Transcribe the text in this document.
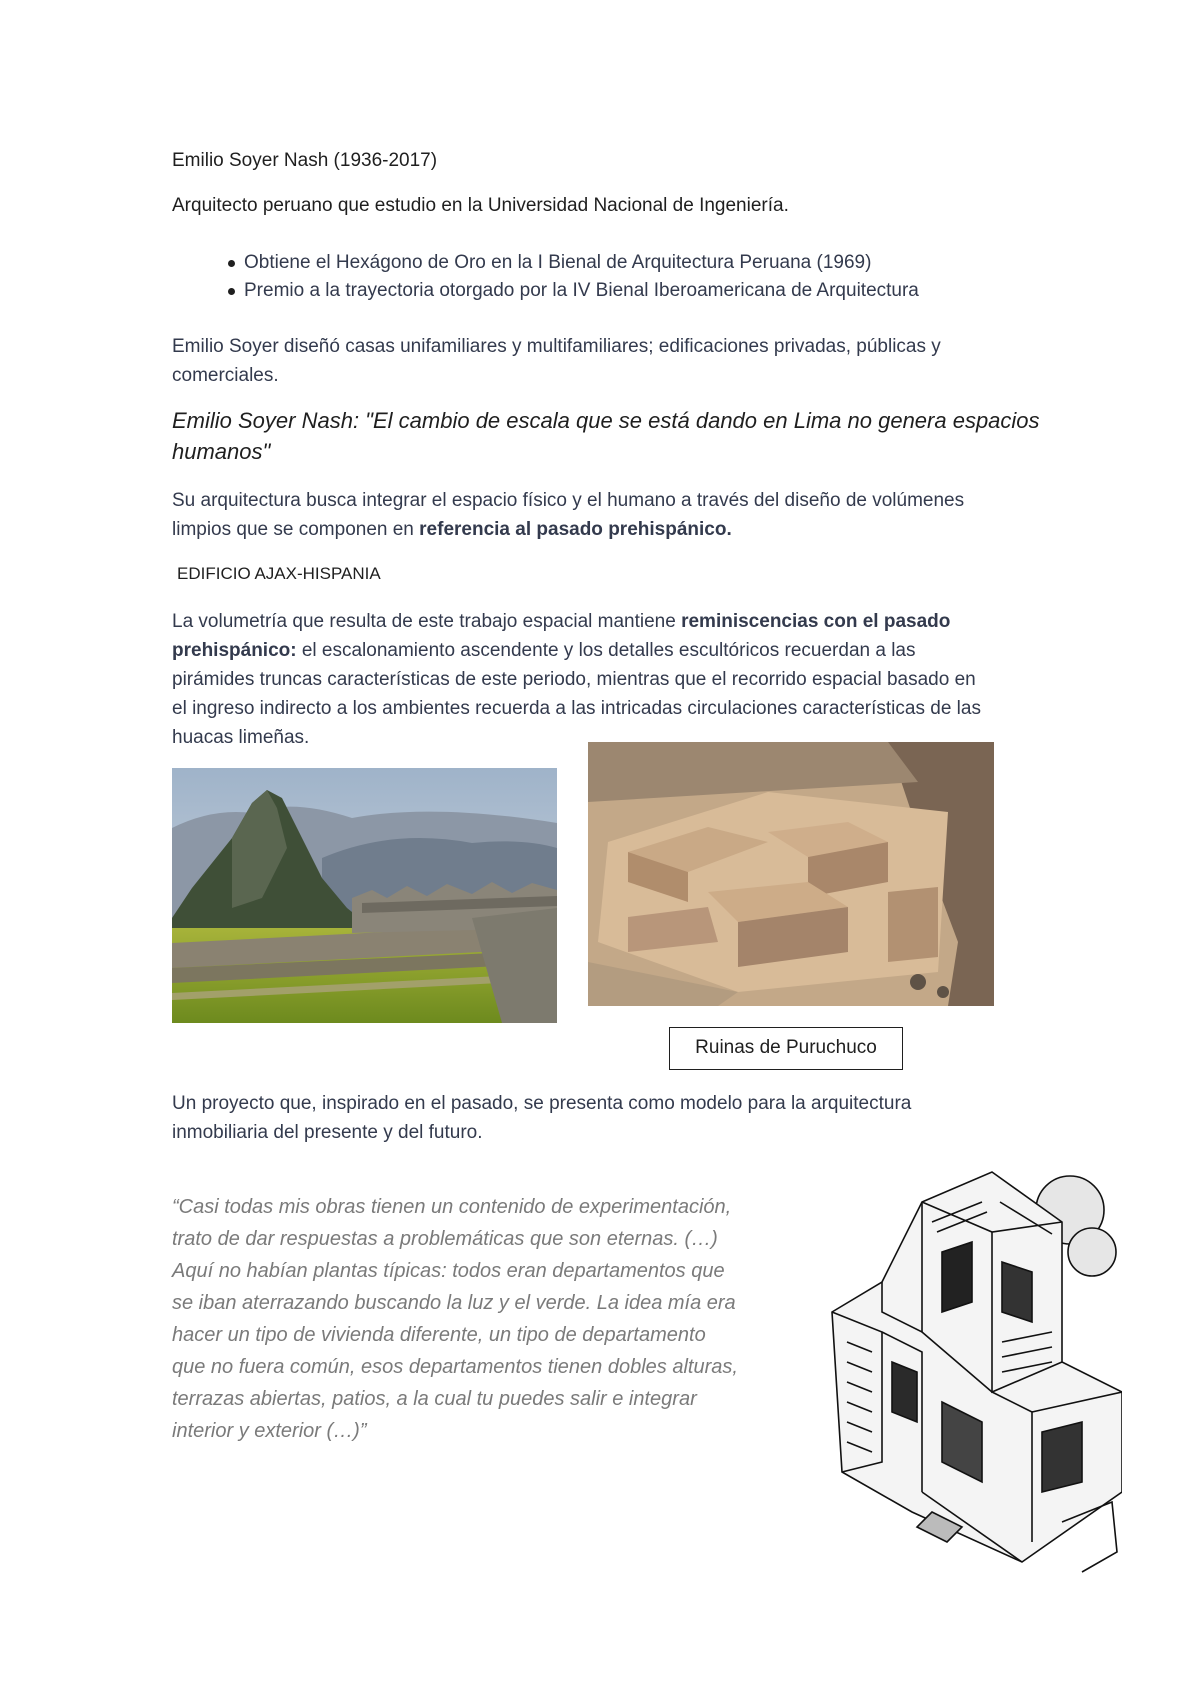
Emilio Soyer Nash (1936-2017)

Arquitecto peruano que estudio en la Universidad Nacional de Ingeniería.

Obtiene el Hexágono de Oro en la I Bienal de Arquitectura Peruana (1969)
Premio a la trayectoria otorgado por la IV Bienal Iberoamericana de Arquitectura

Emilio Soyer diseñó casas unifamiliares y multifamiliares; edificaciones privadas, públicas y

comerciales.

Emilio Soyer Nash: "El cambio de escala que se está dando en Lima no genera espacios

humanos"

Su arquitectura busca integrar el espacio físico y el humano a través del diseño de volúmenes

limpios que se componen en referencia al pasado prehispánico.

EDIFICIO AJAX-HISPANIA

La volumetría que resulta de este trabajo espacial mantiene reminiscencias con el pasado

prehispánico: el escalonamiento ascendente y los detalles escultóricos recuerdan a las

pirámides truncas características de este periodo, mientras que el recorrido espacial basado en

el ingreso indirecto a los ambientes recuerda a las intricadas circulaciones características de las

huacas limeñas.

Ruinas de Puruchuco

Un proyecto que, inspirado en el pasado, se presenta como modelo para la arquitectura

inmobiliaria del presente y del futuro.

“Casi todas mis obras tienen un contenido de experimentación,

trato de dar respuestas a problemáticas que son eternas. (…)

Aquí no habían plantas típicas: todos eran departamentos que

se iban aterrazando buscando la luz y el verde. La idea mía era

hacer un tipo de vivienda diferente, un tipo de departamento

que no fuera común, esos departamentos tienen dobles alturas,

terrazas abiertas, patios, a la cual tu puedes salir e integrar

interior y exterior (…)”
